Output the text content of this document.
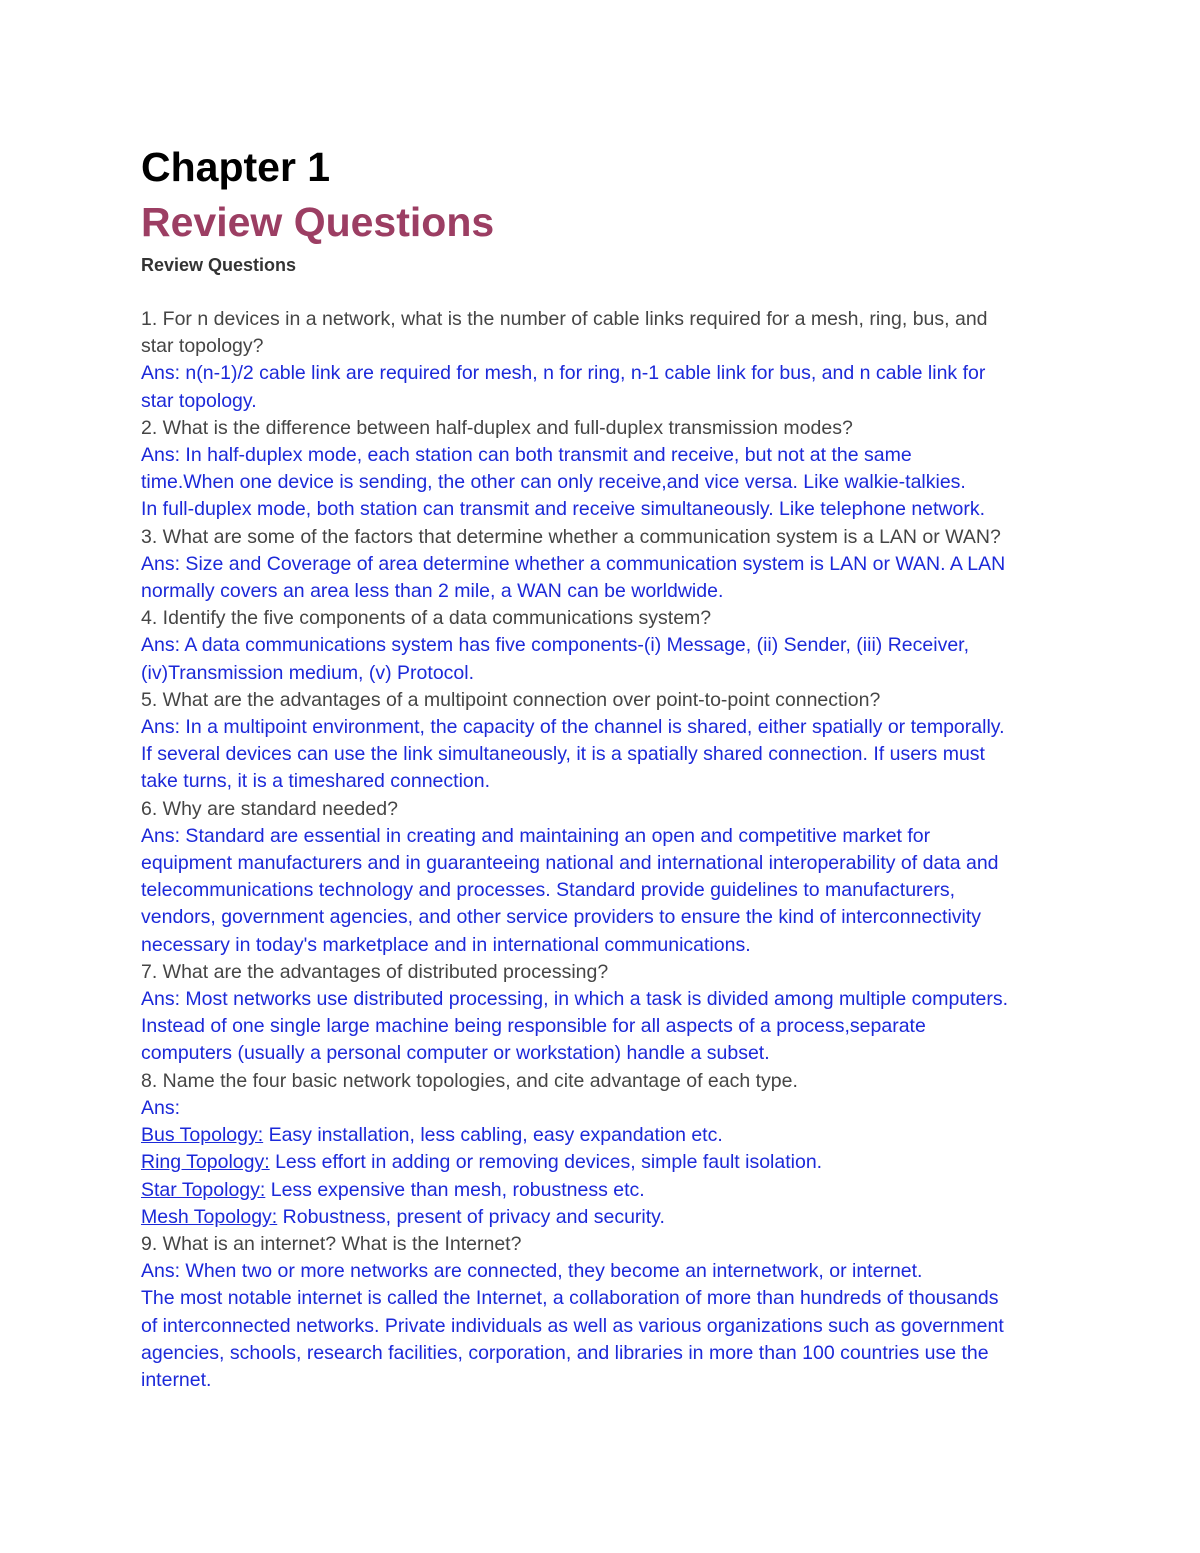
Chapter 1
Review Questions
Review Questions
1. For n devices in a network, what is the number of cable links required for a mesh, ring, bus, and
star topology?
Ans: n(n-1)/2 cable link are required for mesh, n for ring, n-1 cable link for bus, and n cable link for
star topology.
2. What is the difference between half-duplex and full-duplex transmission modes?
Ans: In half-duplex mode, each station can both transmit and receive, but not at the same
time.When one device is sending, the other can only receive,and vice versa. Like walkie-talkies.
In full-duplex mode, both station can transmit and receive simultaneously. Like telephone network.
3. What are some of the factors that determine whether a communication system is a LAN or WAN?
Ans: Size and Coverage of area determine whether a communication system is LAN or WAN. A LAN
normally covers an area less than 2 mile, a WAN can be worldwide.
4. Identify the five components of a data communications system?
Ans: A data communications system has five components-(i) Message, (ii) Sender, (iii) Receiver,
(iv)Transmission medium, (v) Protocol.
5. What are the advantages of a multipoint connection over point-to-point connection?
Ans: In a multipoint environment, the capacity of the channel is shared, either spatially or temporally.
If several devices can use the link simultaneously, it is a spatially shared connection. If users must
take turns, it is a timeshared connection.
6. Why are standard needed?
Ans: Standard are essential in creating and maintaining an open and competitive market for
equipment manufacturers and in guaranteeing national and international interoperability of data and
telecommunications technology and processes. Standard provide guidelines to manufacturers,
vendors, government agencies, and other service providers to ensure the kind of interconnectivity
necessary in today's marketplace and in international communications.
7. What are the advantages of distributed processing?
Ans: Most networks use distributed processing, in which a task is divided among multiple computers.
Instead of one single large machine being responsible for all aspects of a process,separate
computers (usually a personal computer or workstation) handle a subset.
8. Name the four basic network topologies, and cite advantage of each type.
Ans:
Bus Topology: Easy installation, less cabling, easy expandation etc.
Ring Topology: Less effort in adding or removing devices, simple fault isolation.
Star Topology: Less expensive than mesh, robustness etc.
Mesh Topology: Robustness, present of privacy and security.
9. What is an internet? What is the Internet?
Ans: When two or more networks are connected, they become an internetwork, or internet.
The most notable internet is called the Internet, a collaboration of more than hundreds of thousands
of interconnected networks. Private individuals as well as various organizations such as government
agencies, schools, research facilities, corporation, and libraries in more than 100 countries use the
internet.
